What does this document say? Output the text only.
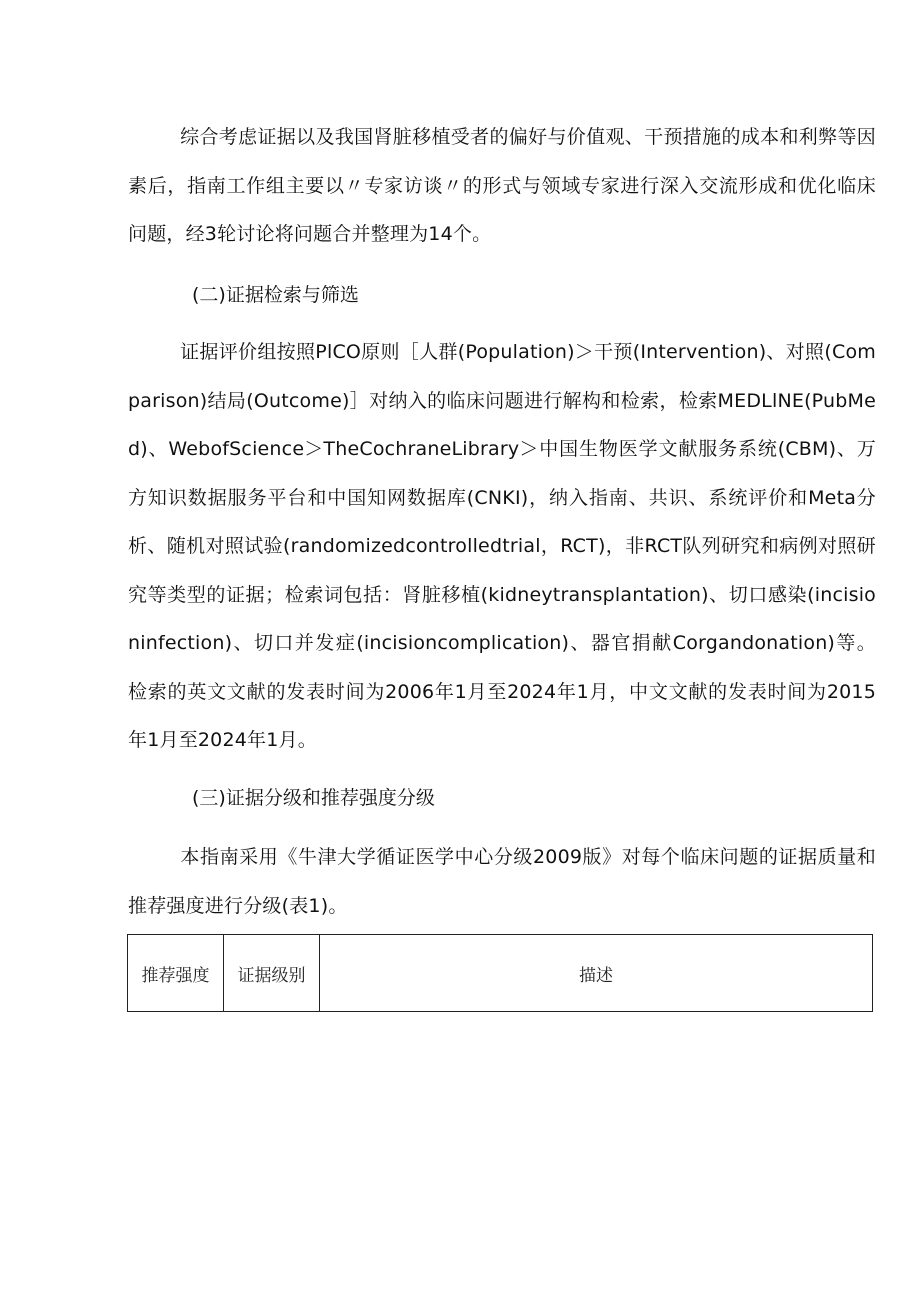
综合考虑证据以及我国肾脏移植受者的偏好与价值观、干预措施的成本和利弊等因素后，指南工作组主要以〃专家访谈〃的形式与领域专家进行深入交流形成和优化临床问题，经3轮讨论将问题合并整理为14个。

(二)证据检索与筛选

证据评价组按照PlCO原则［人群(Population)＞干预(Intervention)、对照(Comparison)结局(Outcome)］对纳入的临床问题进行解构和检索，检索MEDLlNE(PubMed)、WebofScience＞TheCochraneLibrary＞中国生物医学文献服务系统(CBM)、万方知识数据服务平台和中国知网数据库(CNKI)，纳入指南、共识、系统评价和Meta分析、随机对照试验(randomizedcontrolledtrial，RCT)，非RCT队列研究和病例对照研究等类型的证据；检索词包括：肾脏移植(kidneytransplantation)、切口感染(incisioninfection)、切口并发症(incisioncomplication)、器官捐献Corgandonation)等。检索的英文文献的发表时间为2006年1月至2024年1月，中文文献的发表时间为2015年1月至2024年1月。

(三)证据分级和推荐强度分级

本指南采用《牛津大学循证医学中心分级2009版》对每个临床问题的证据质量和推荐强度进行分级(表1)。

推荐强度	证据级别	描述
